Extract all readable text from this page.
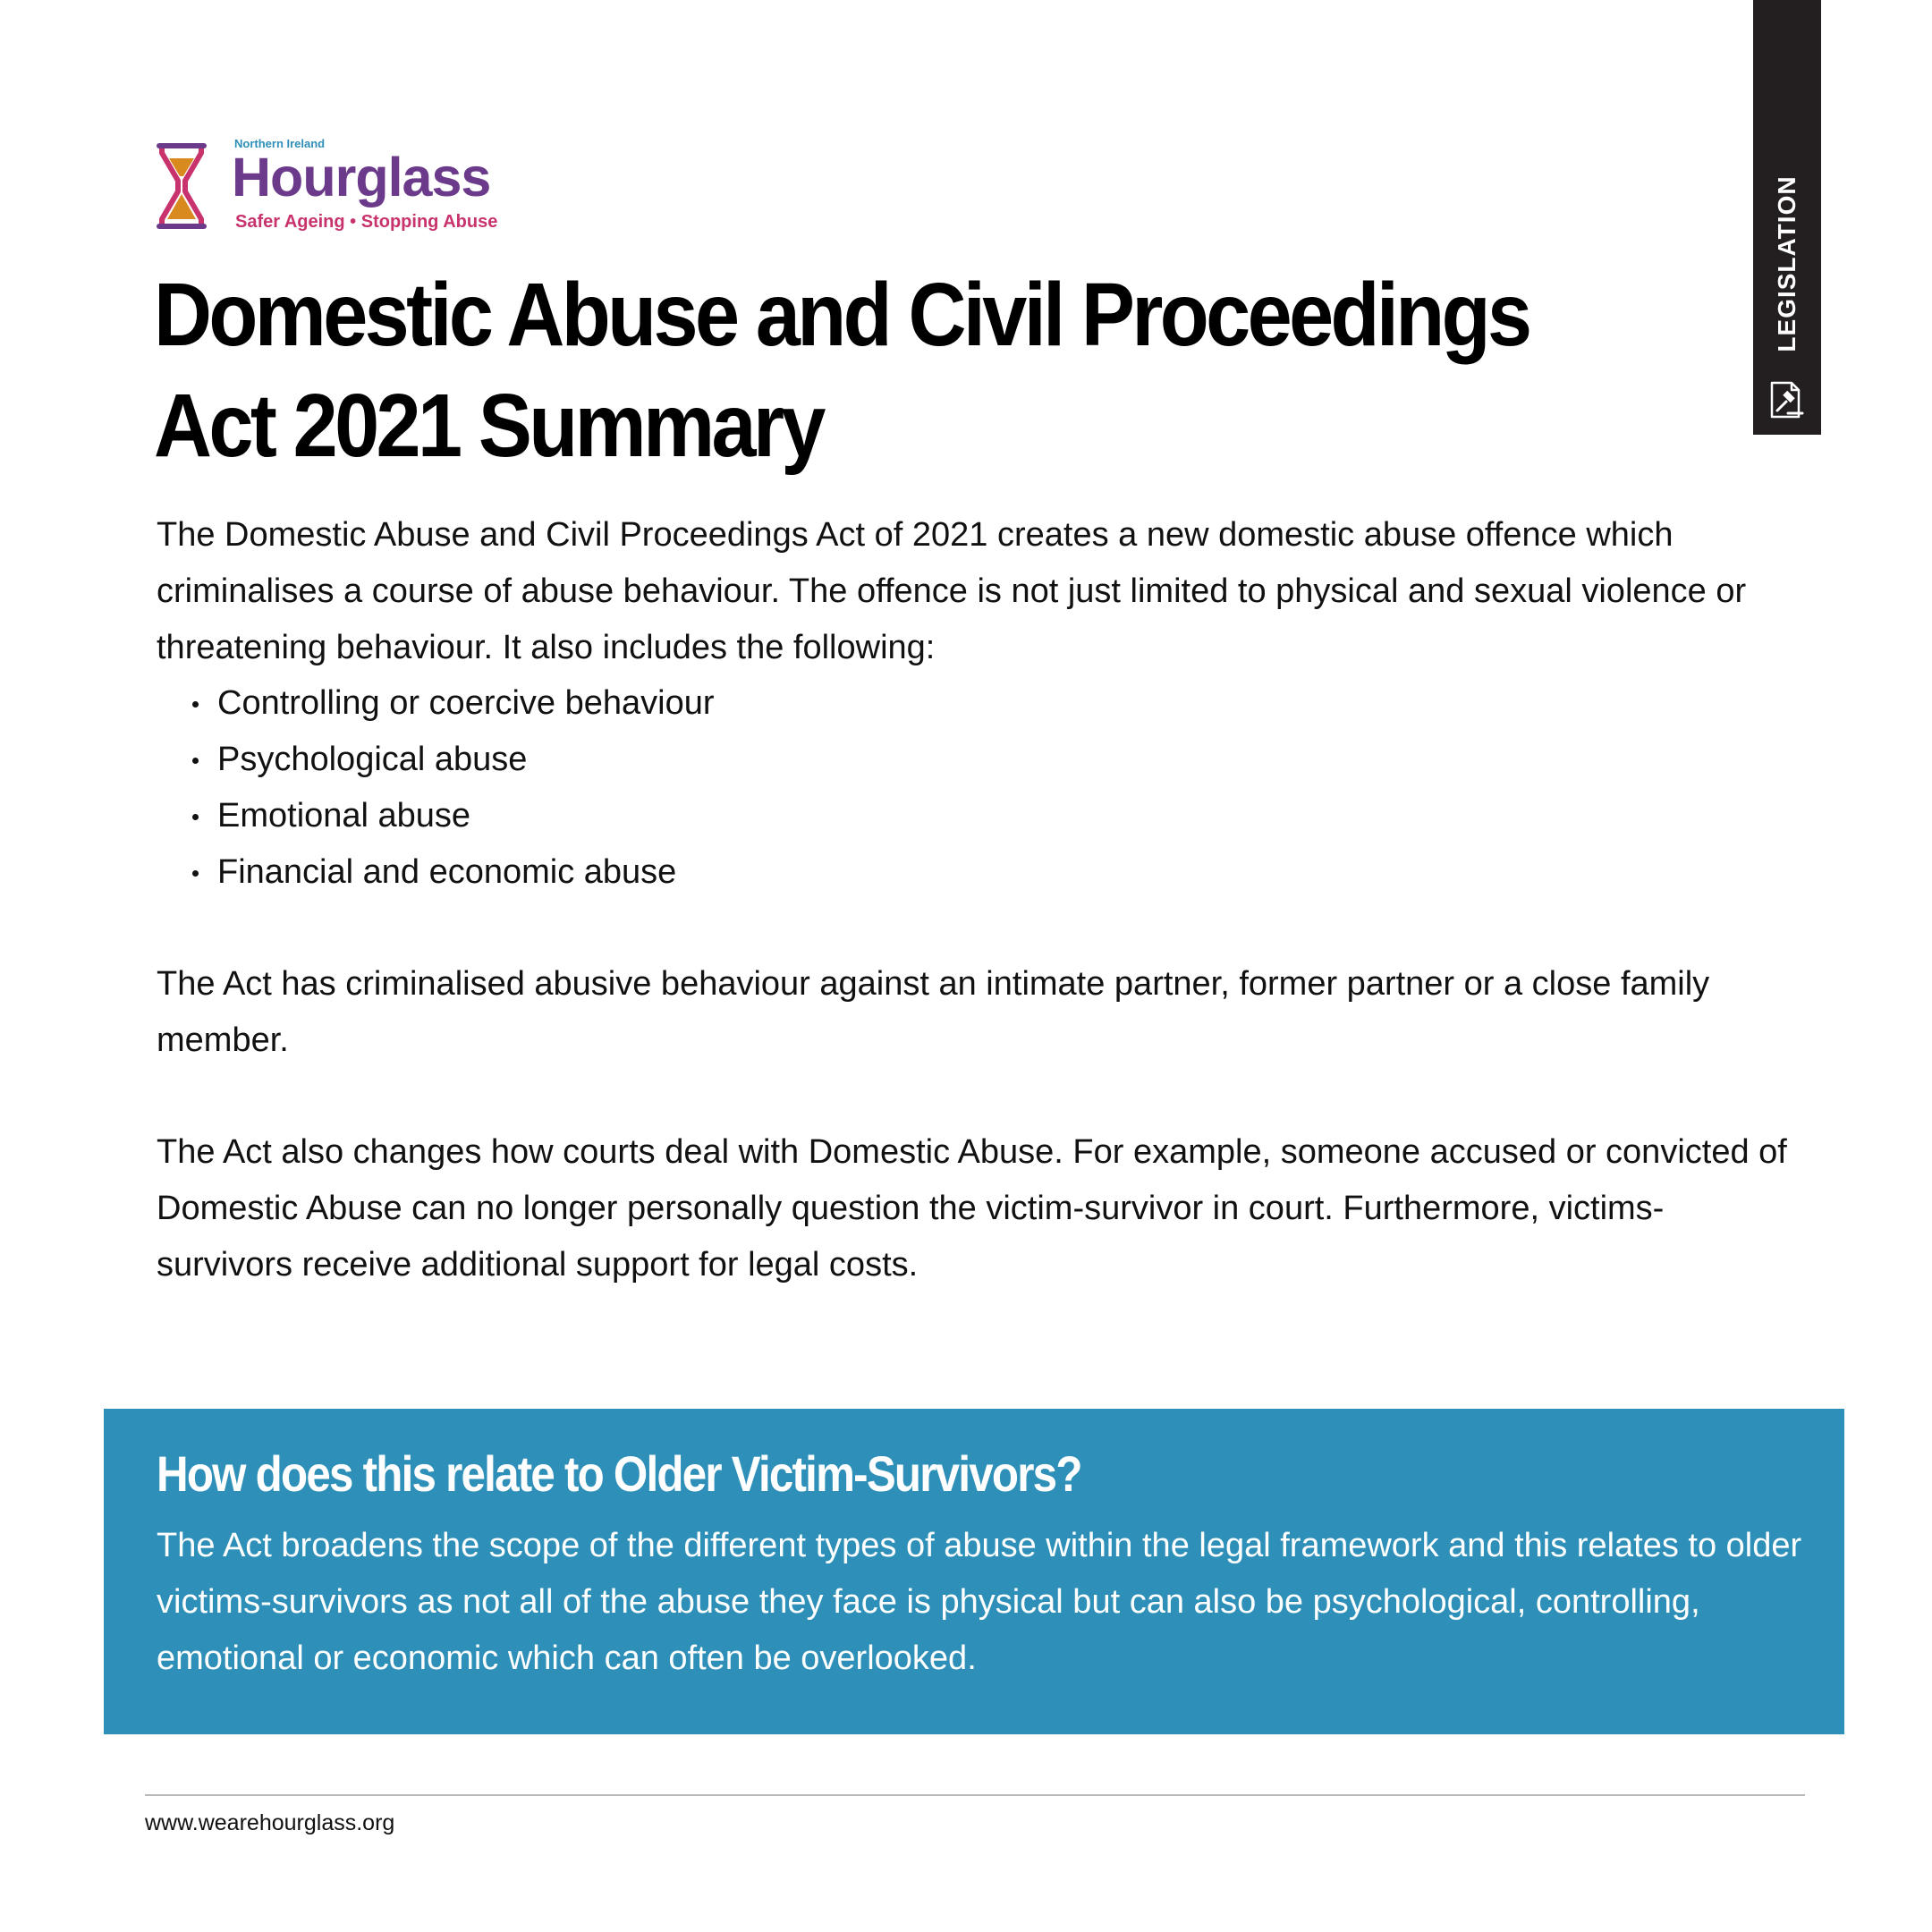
Northern Ireland
Hourglass
Safer Ageing • Stopping Abuse	LEGISLATION
Domestic Abuse and Civil Proceedings Act 2021 Summary

The Domestic Abuse and Civil Proceedings Act of 2021 creates a new domestic abuse offence which criminalises a course of abuse behaviour. The offence is not just limited to physical and sexual violence or threatening behaviour. It also includes the following:

Controlling or coercive behaviour
Psychological abuse
Emotional abuse
Financial and economic abuse

The Act has criminalised abusive behaviour against an intimate partner, former partner or a close family member.

The Act also changes how courts deal with Domestic Abuse. For example, someone accused or convicted of Domestic Abuse can no longer personally question the victim-survivor in court. Furthermore, victims-survivors receive additional support for legal costs.

How does this relate to Older Victim-Survivors?

The Act broadens the scope of the different types of abuse within the legal framework and this relates to older victims-survivors as not all of the abuse they face is physical but can also be psychological, controlling, emotional or economic which can often be overlooked.

www.wearehourglass.org
